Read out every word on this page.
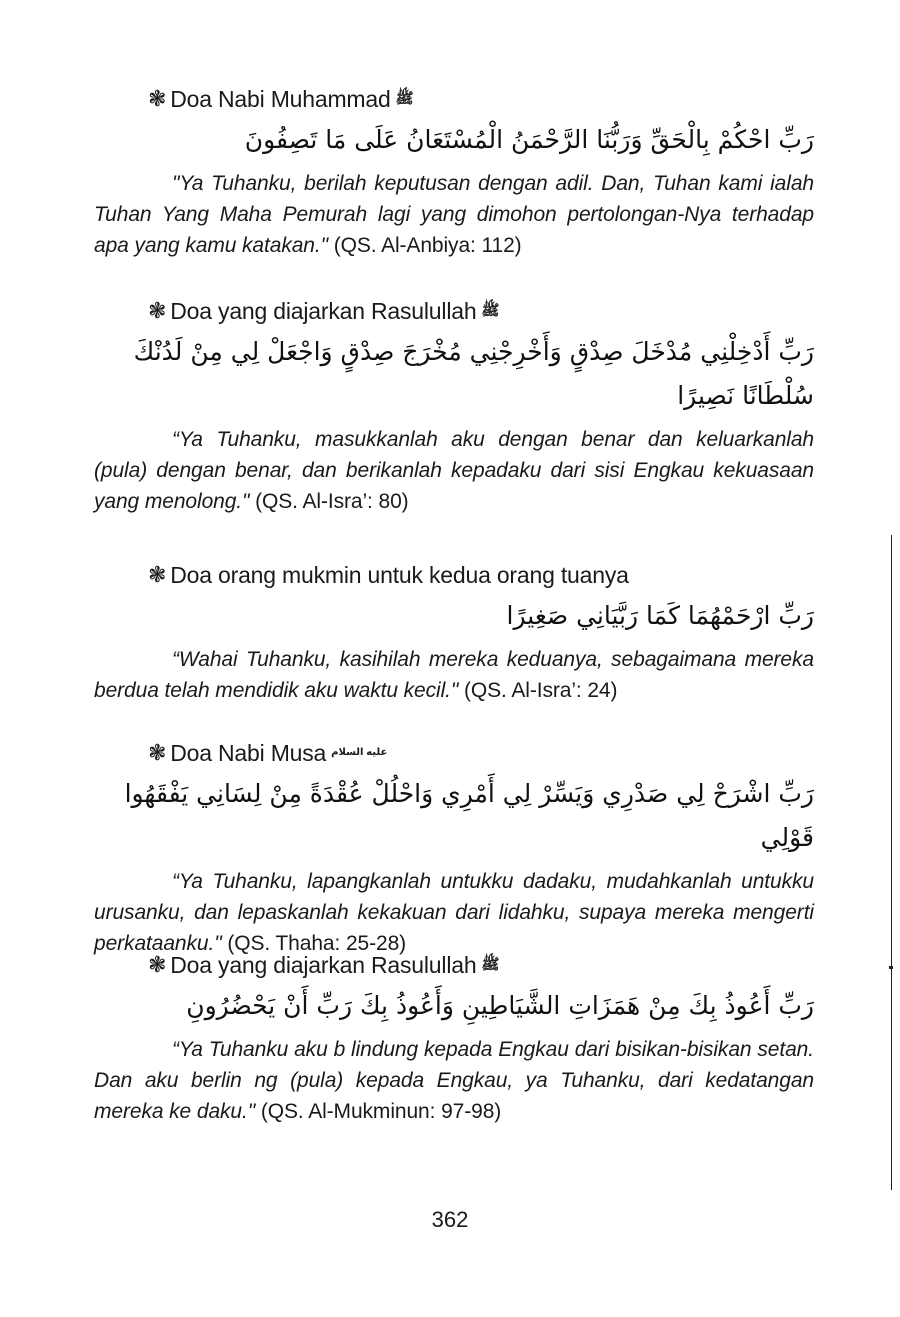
❃ Doa Nabi Muhammad ﷺ
رَبِّ احْكُمْ بِالْحَقِّ وَرَبُّنَا الرَّحْمَنُ الْمُسْتَعَانُ عَلَى مَا تَصِفُونَ

"Ya Tuhanku, berilah keputusan dengan adil. Dan, Tuhan kami ialah Tuhan Yang Maha Pemurah lagi yang dimohon pertolongan-Nya terhadap apa yang kamu katakan." (QS. Al-Anbiya: 112)

❃ Doa yang diajarkan Rasulullah ﷺ
رَبِّ أَدْخِلْنِي مُدْخَلَ صِدْقٍ وَأَخْرِجْنِي مُخْرَجَ صِدْقٍ وَاجْعَلْ لِي مِنْ لَدُنْكَ سُلْطَانًا نَصِيرًا

“Ya Tuhanku, masukkanlah aku dengan benar dan keluarkanlah (pula) dengan benar, dan berikanlah kepadaku dari sisi Engkau kekuasaan yang menolong." (QS. Al-Isra’: 80)

❃ Doa orang mukmin untuk kedua orang tuanya
رَبِّ ارْحَمْهُمَا كَمَا رَبَّيَانِي صَغِيرًا

“Wahai Tuhanku, kasihilah mereka keduanya, sebagaimana mereka berdua telah mendidik aku waktu kecil." (QS. Al-Isra’: 24)

❃ Doa Nabi Musa عليه السلام
رَبِّ اشْرَحْ لِي صَدْرِي وَيَسِّرْ لِي أَمْرِي وَاحْلُلْ عُقْدَةً مِنْ لِسَانِي يَفْقَهُوا قَوْلِي

“Ya Tuhanku, lapangkanlah untukku dadaku, mudahkanlah untukku urusanku, dan lepaskanlah kekakuan dari lidahku, supaya mereka mengerti perkataanku." (QS. Thaha: 25-28)

❃ Doa yang diajarkan Rasulullah ﷺ
رَبِّ أَعُوذُ بِكَ مِنْ هَمَزَاتِ الشَّيَاطِينِ وَأَعُوذُ بِكَ رَبِّ أَنْ يَحْضُرُونِ

“Ya Tuhanku aku b lindung kepada Engkau dari bisikan-bisikan setan. Dan aku berlin ng (pula) kepada Engkau, ya Tuhanku, dari kedatangan mereka ke daku." (QS. Al-Mukminun: 97-98)

362
